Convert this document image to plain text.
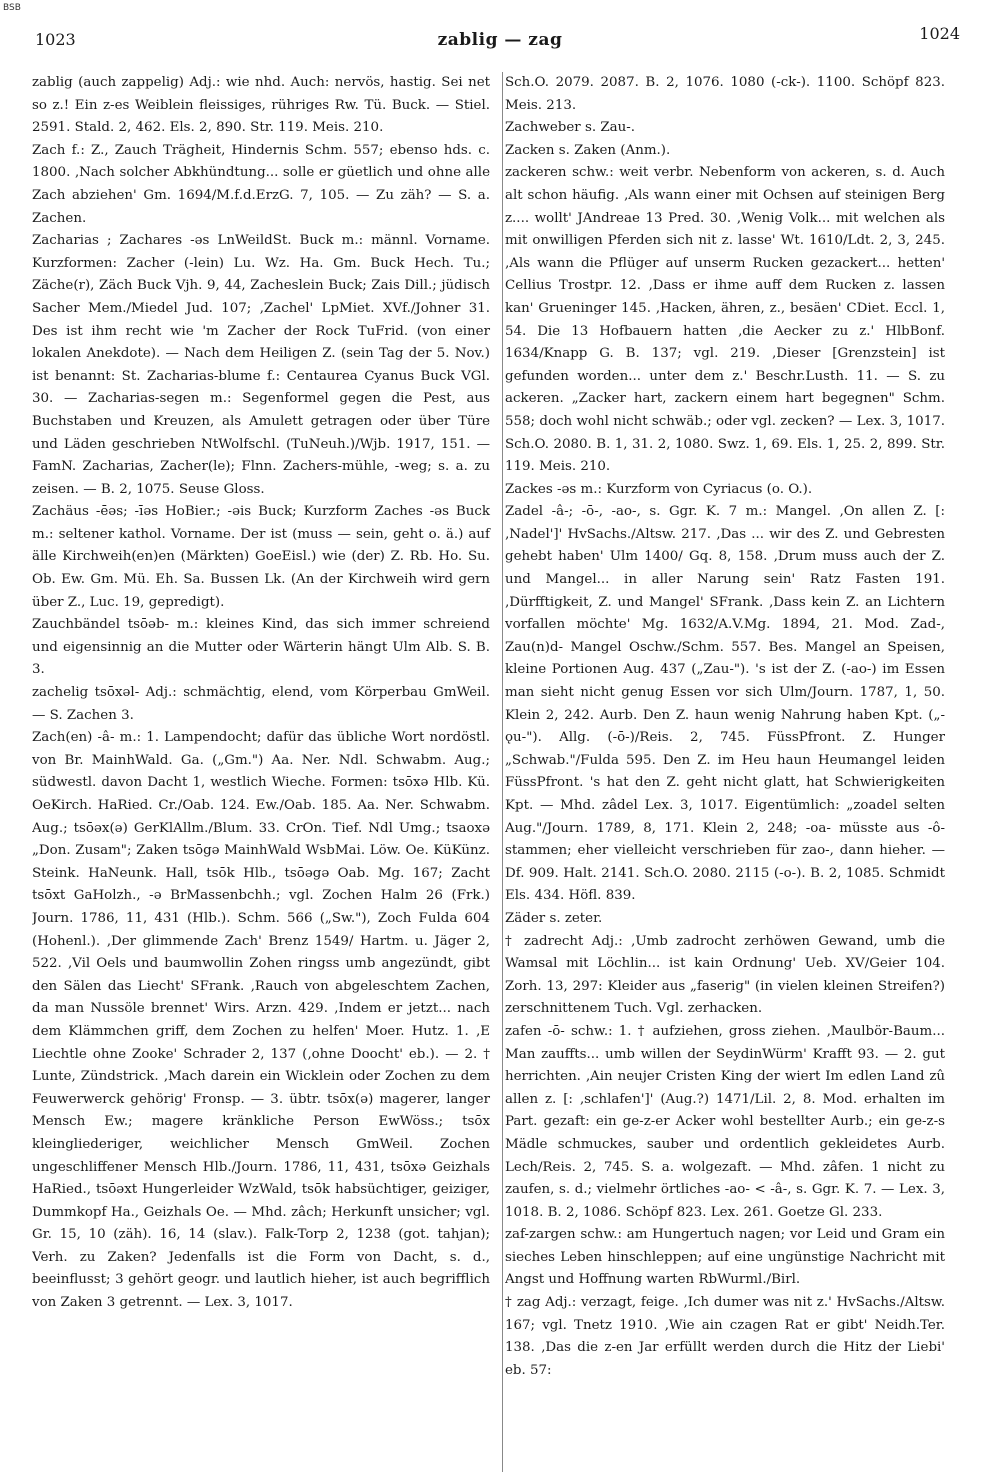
BSB
1023	zablig — zag	1024

zablig (auch zappelig) Adj.: wie nhd. Auch: nervös, hastig. Sei net so z.! Ein z-es Weiblein fleissiges, rühriges Rw. Tü. Buck. — Stiel. 2591. Stald. 2, 462. Els. 2, 890. Str. 119. Meis. 210.

Zach f.: Z., Zauch Trägheit, Hindernis Schm. 557; ebenso hds. c. 1800. ‚Nach solcher Abkhündtung... solle er güetlich und ohne alle Zach abziehen' Gm. 1694/M.f.d.ErzG. 7, 105. — Zu zäh? — S. a. Zachen.

Zacharias ; Zachares -əs LnWeildSt. Buck m.: männl. Vorname. Kurzformen: Zacher (-lein) Lu. Wz. Ha. Gm. Buck Hech. Tu.; Zäche(r), Zäch Buck Vjh. 9, 44, Zacheslein Buck; Zais Dill.; jüdisch Sacher Mem./Miedel Jud. 107; ‚Zachel' LpMiet. XVf./Johner 31. Des ist ihm recht wie 'm Zacher der Rock TuFrid. (von einer lokalen Anekdote). — Nach dem Heiligen Z. (sein Tag der 5. Nov.) ist benannt: St. Zacharias-blume f.: Centaurea Cyanus Buck VGl. 30. — Zacharias-segen m.: Segenformel gegen die Pest, aus Buchstaben und Kreuzen, als Amulett getragen oder über Türe und Läden geschrieben NtWolfschl. (TuNeuh.)/Wjb. 1917, 151. — FamN. Zacharias, Zacher(le); Flnn. Zachers-mühle, -weg; s. a. zu zeisen. — B. 2, 1075. Seuse Gloss.

Zachäus -ēəs; -īəs HoBier.; -əis Buck; Kurzform Zaches -əs Buck m.: seltener kathol. Vorname. Der ist (muss — sein, geht o. ä.) auf älle Kirchweih(en)en (Märkten) GoeEisl.) wie (der) Z. Rb. Ho. Su. Ob. Ew. Gm. Mü. Eh. Sa. Bussen Lk. (An der Kirchweih wird gern über Z., Luc. 19, gepredigt).

Zauchbändel tsōəb- m.: kleines Kind, das sich immer schreiend und eigensinnig an die Mutter oder Wärterin hängt Ulm Alb. S. B. 3.

zachelig tsōxəl- Adj.: schmächtig, elend, vom Körperbau GmWeil. — S. Zachen 3.

Zach(en) -â- m.: 1. Lampendocht; dafür das übliche Wort nordöstl. von Br. MainhWald. Ga. („Gm.") Aa. Ner. Ndl. Schwabm. Aug.; südwestl. davon Dacht 1, westlich Wieche. Formen: tsōxə Hlb. Kü. OeKirch. HaRied. Cr./Oab. 124. Ew./Oab. 185. Aa. Ner. Schwabm. Aug.; tsōəx(ə) GerKlAllm./Blum. 33. CrOn. Tief. Ndl Umg.; tsaoxə „Don. Zusam"; Zaken tsōgə MainhWald WsbMai. Löw. Oe. KüKünz. Steink. HaNeunk. Hall, tsōk Hlb., tsōəgə Oab. Mg. 167; Zacht tsōxt GaHolzh., -ə BrMassenbchh.; vgl. Zochen Halm 26 (Frk.) Journ. 1786, 11, 431 (Hlb.). Schm. 566 („Sw."), Zoch Fulda 604 (Hohenl.). ‚Der glimmende Zach' Brenz 1549/ Hartm. u. Jäger 2, 522. ‚Vil Oels und baumwollin Zohen ringss umb angezündt, gibt den Sälen das Liecht' SFrank. ‚Rauch von abgeleschtem Zachen, da man Nussöle brennet' Wirs. Arzn. 429. ‚Indem er jetzt... nach dem Klämmchen griff, dem Zochen zu helfen' Moer. Hutz. 1. ‚E Liechtle ohne Zooke' Schrader 2, 137 (‚ohne Doocht' eb.). — 2. † Lunte, Zündstrick. ‚Mach darein ein Wicklein oder Zochen zu dem Feuwerwerck gehörig' Fronsp. — 3. übtr. tsōx(ə) magerer, langer Mensch Ew.; magere kränkliche Person EwWöss.; tsōx kleingliederiger, weichlicher Mensch GmWeil. Zochen ungeschliffener Mensch Hlb./Journ. 1786, 11, 431, tsōxə Geizhals HaRied., tsōəxt Hungerleider WzWald, tsōk habsüchtiger, geiziger, Dummkopf Ha., Geizhals Oe. — Mhd. zâch; Herkunft unsicher; vgl. Gr. 15, 10 (zäh). 16, 14 (slav.). Falk-Torp 2, 1238 (got. tahjan); Verh. zu Zaken? Jedenfalls ist die Form von Dacht, s. d., beeinflusst; 3 gehört geogr. und lautlich hieher, ist auch begrifflich von Zaken 3 getrennt. — Lex. 3, 1017.

Sch.O. 2079. 2087. B. 2, 1076. 1080 (-ck-). 1100. Schöpf 823. Meis. 213.

Zachweber s. Zau-.

Zacken s. Zaken (Anm.).

zackeren schw.: weit verbr. Nebenform von ackeren, s. d. Auch alt schon häufig. ‚Als wann einer mit Ochsen auf steinigen Berg z.... wollt' JAndreae 13 Pred. 30. ‚Wenig Volk... mit welchen als mit onwilligen Pferden sich nit z. lasse' Wt. 1610/Ldt. 2, 3, 245. ‚Als wann die Pflüger auf unserm Rucken gezackert... hetten' Cellius Trostpr. 12. ‚Dass er ihme auff dem Rucken z. lassen kan' Grueninger 145. ‚Hacken, ähren, z., besäen' CDiet. Eccl. 1, 54. Die 13 Hofbauern hatten ‚die Aecker zu z.' HlbBonf. 1634/Knapp G. B. 137; vgl. 219. ‚Dieser [Grenzstein] ist gefunden worden... unter dem z.' Beschr.Lusth. 11. — S. zu ackeren. „Zacker hart, zackern einem hart begegnen" Schm. 558; doch wohl nicht schwäb.; oder vgl. zecken? — Lex. 3, 1017. Sch.O. 2080. B. 1, 31. 2, 1080. Swz. 1, 69. Els. 1, 25. 2, 899. Str. 119. Meis. 210.

Zackes -əs m.: Kurzform von Cyriacus (o. O.).

Zadel -â-; -ō-, -ao-, s. Ggr. K. 7 m.: Mangel. ‚On allen Z. [: ‚Nadel']' HvSachs./Altsw. 217. ‚Das ... wir des Z. und Gebresten gehebt haben' Ulm 1400/ Gq. 8, 158. ‚Drum muss auch der Z. und Mangel... in aller Narung sein' Ratz Fasten 191. ‚Dürfftigkeit, Z. und Mangel' SFrank. ‚Dass kein Z. an Lichtern vorfallen möchte' Mg. 1632/A.V.Mg. 1894, 21. Mod. Zad-, Zau(n)d- Mangel Oschw./Schm. 557. Bes. Mangel an Speisen, kleine Portionen Aug. 437 („Zau-"). 's ist der Z. (-ao-) im Essen man sieht nicht genug Essen vor sich Ulm/Journ. 1787, 1, 50. Klein 2, 242. Aurb. Den Z. haun wenig Nahrung haben Kpt. („-ǫu-"). Allg. (-ō-)/Reis. 2, 745. FüssPfront. Z. Hunger „Schwab."/Fulda 595. Den Z. im Heu haun Heumangel leiden FüssPfront. 's hat den Z. geht nicht glatt, hat Schwierigkeiten Kpt. — Mhd. zâdel Lex. 3, 1017. Eigentümlich: „zoadel selten Aug."/Journ. 1789, 8, 171. Klein 2, 248; -oa- müsste aus -ô- stammen; eher vielleicht verschrieben für zao-, dann hieher. — Df. 909. Halt. 2141. Sch.O. 2080. 2115 (-o-). B. 2, 1085. Schmidt Els. 434. Höfl. 839.

Zäder s. zeter.

† zadrecht Adj.: ‚Umb zadrocht zerhöwen Gewand, umb die Wamsal mit Löchlin... ist kain Ordnung' Ueb. XV/Geier 104. Zorh. 13, 297: Kleider aus „faserig" (in vielen kleinen Streifen?) zerschnittenem Tuch. Vgl. zerhacken.

zafen -ō- schw.: 1. † aufziehen, gross ziehen. ‚Maulbör-Baum... Man zauffts... umb willen der SeydinWürm' Krafft 93. — 2. gut herrichten. ‚Ain neujer Cristen King der wiert Im edlen Land zû allen z. [: ‚schlafen']' (Aug.?) 1471/Lil. 2, 8. Mod. erhalten im Part. gezaft: ein ge-z-er Acker wohl bestellter Aurb.; ein ge-z-s Mädle schmuckes, sauber und ordentlich gekleidetes Aurb. Lech/Reis. 2, 745. S. a. wolgezaft. — Mhd. zâfen. 1 nicht zu zaufen, s. d.; vielmehr örtliches -ao- < -â-, s. Ggr. K. 7. — Lex. 3, 1018. B. 2, 1086. Schöpf 823. Lex. 261. Goetze Gl. 233.

zaf-zargen schw.: am Hungertuch nagen; vor Leid und Gram ein sieches Leben hinschleppen; auf eine ungünstige Nachricht mit Angst und Hoffnung warten RbWurml./Birl.

† zag Adj.: verzagt, feige. ‚Ich dumer was nit z.' HvSachs./Altsw. 167; vgl. Tnetz 1910. ‚Wie ain czagen Rat er gibt' Neidh.Ter. 138. ‚Das die z-en Jar erfüllt werden durch die Hitz der Liebi' eb. 57:
